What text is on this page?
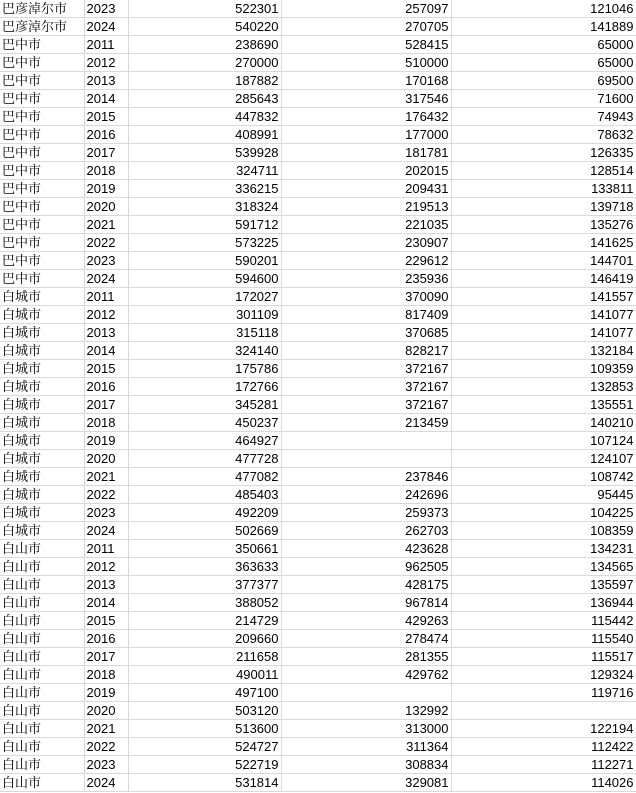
巴彦淖尔市	2023	522301	257097	121046
巴彦淖尔市	2024	540220	270705	141889
巴中市	2011	238690	528415	65000
巴中市	2012	270000	510000	65000
巴中市	2013	187882	170168	69500
巴中市	2014	285643	317546	71600
巴中市	2015	447832	176432	74943
巴中市	2016	408991	177000	78632
巴中市	2017	539928	181781	126335
巴中市	2018	324711	202015	128514
巴中市	2019	336215	209431	133811
巴中市	2020	318324	219513	139718
巴中市	2021	591712	221035	135276
巴中市	2022	573225	230907	141625
巴中市	2023	590201	229612	144701
巴中市	2024	594600	235936	146419
白城市	2011	172027	370090	141557
白城市	2012	301109	817409	141077
白城市	2013	315118	370685	141077
白城市	2014	324140	828217	132184
白城市	2015	175786	372167	109359
白城市	2016	172766	372167	132853
白城市	2017	345281	372167	135551
白城市	2018	450237	213459	140210
白城市	2019	464927		107124
白城市	2020	477728		124107
白城市	2021	477082	237846	108742
白城市	2022	485403	242696	95445
白城市	2023	492209	259373	104225
白城市	2024	502669	262703	108359
白山市	2011	350661	423628	134231
白山市	2012	363633	962505	134565
白山市	2013	377377	428175	135597
白山市	2014	388052	967814	136944
白山市	2015	214729	429263	115442
白山市	2016	209660	278474	115540
白山市	2017	211658	281355	115517
白山市	2018	490011	429762	129324
白山市	2019	497100		119716
白山市	2020	503120	132992	
白山市	2021	513600	313000	122194
白山市	2022	524727	311364	112422
白山市	2023	522719	308834	112271
白山市	2024	531814	329081	114026
